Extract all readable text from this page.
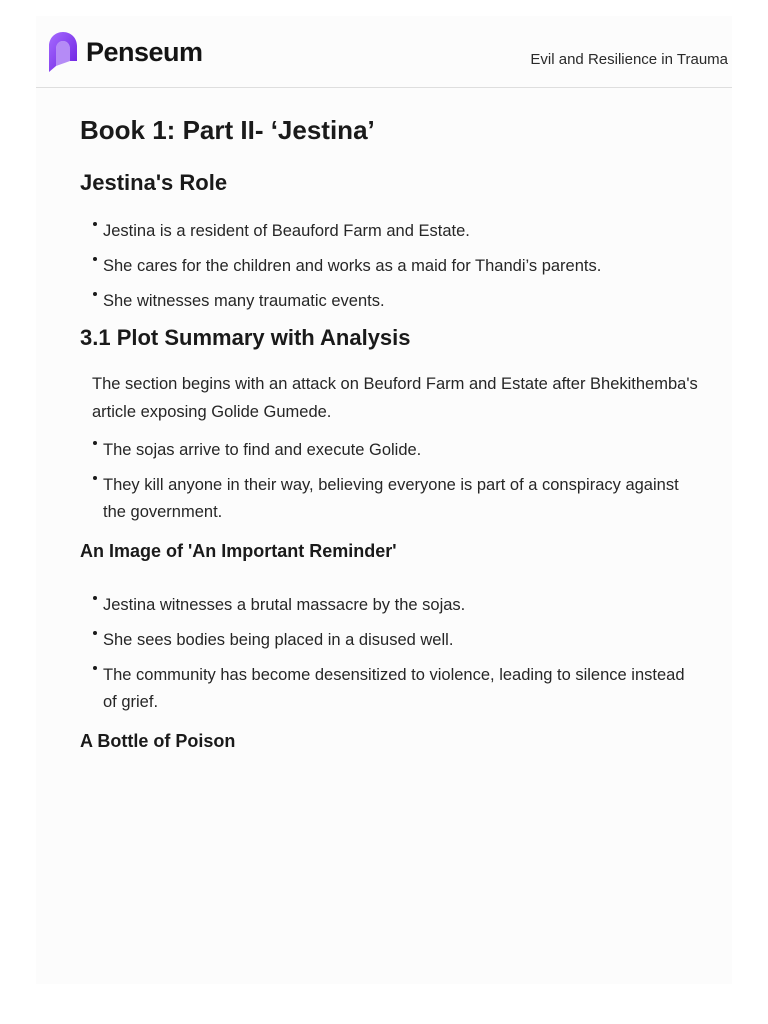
Penseum	Evil and Resilience in Trauma
Book 1: Part II- ‘Jestina’
Jestina's Role
Jestina is a resident of Beauford Farm and Estate.
She cares for the children and works as a maid for Thandi’s parents.
She witnesses many traumatic events.
3.1 Plot Summary with Analysis

The section begins with an attack on Beuford Farm and Estate after Bhekithemba's article exposing Golide Gumede.

The sojas arrive to find and execute Golide.
They kill anyone in their way, believing everyone is part of a conspiracy against the government.
An Image of 'An Important Reminder'
Jestina witnesses a brutal massacre by the sojas.
She sees bodies being placed in a disused well.
The community has become desensitized to violence, leading to silence instead of grief.
A Bottle of Poison
